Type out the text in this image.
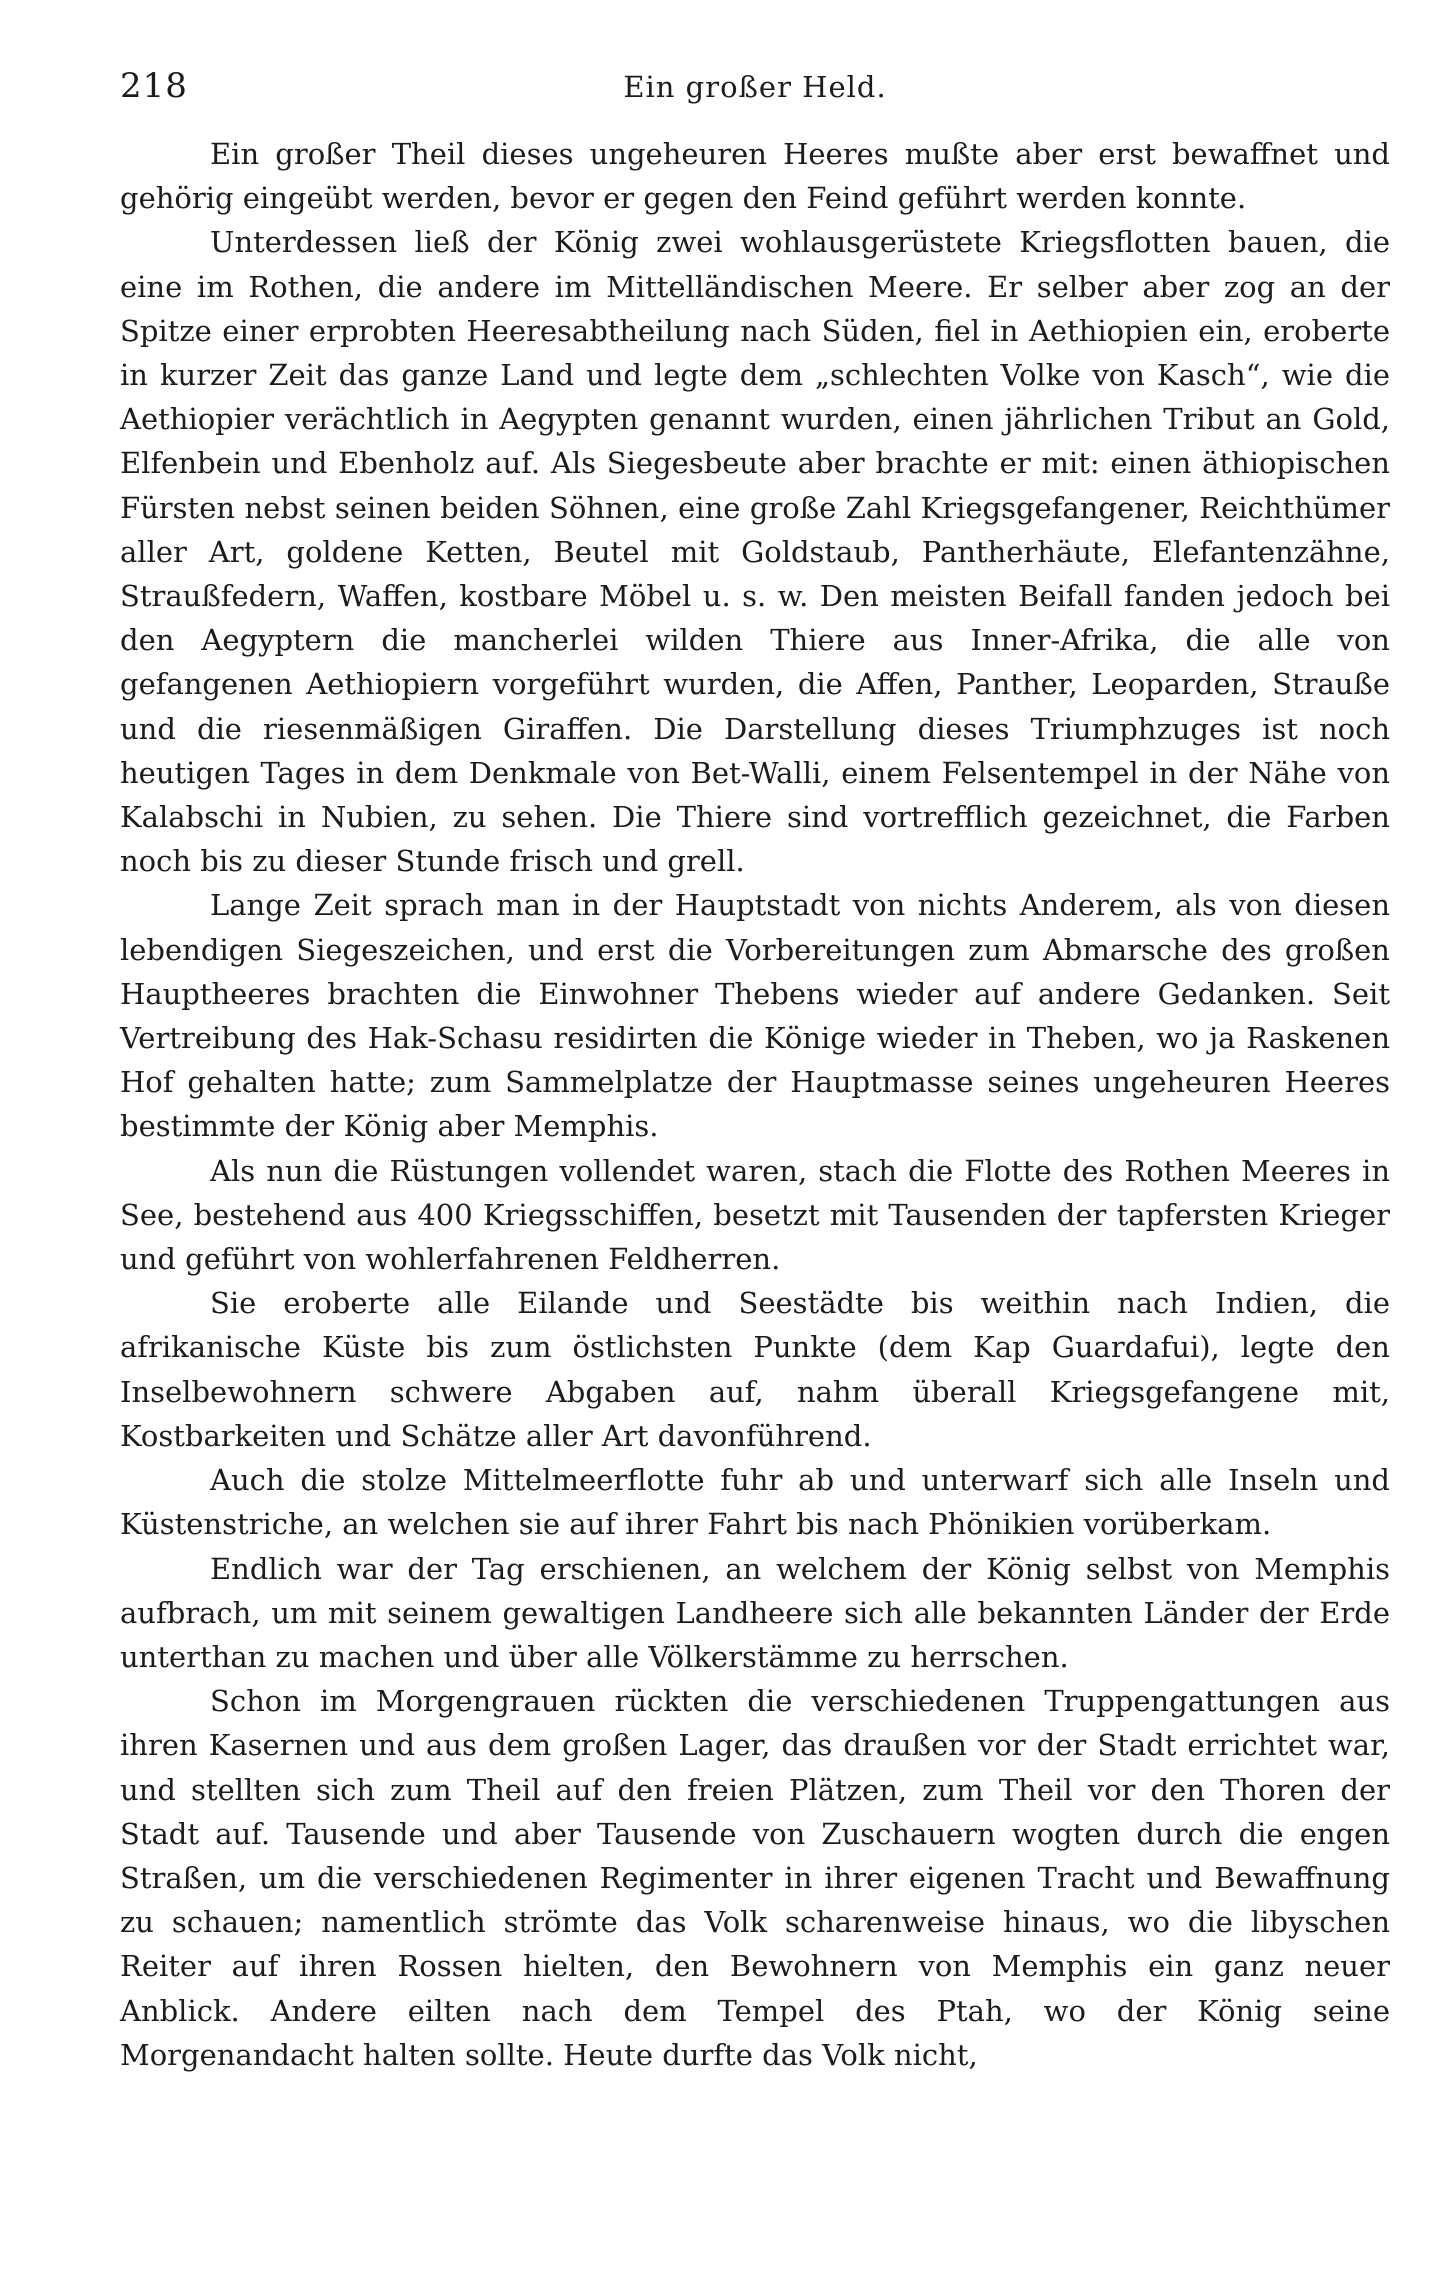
218	Ein großer Held.

Ein großer Theil dieses ungeheuren Heeres mußte aber erst bewaffnet und gehörig eingeübt werden, bevor er gegen den Feind geführt werden konnte.

Unterdessen ließ der König zwei wohlausgerüstete Kriegsflotten bauen, die eine im Rothen, die andere im Mittelländischen Meere. Er selber aber zog an der Spitze einer erprobten Heeresabtheilung nach Süden, fiel in Aethiopien ein, eroberte in kurzer Zeit das ganze Land und legte dem „schlechten Volke von Kasch“, wie die Aethiopier verächtlich in Aegypten genannt wurden, einen jährlichen Tribut an Gold, Elfenbein und Ebenholz auf. Als Siegesbeute aber brachte er mit: einen äthiopischen Fürsten nebst seinen beiden Söhnen, eine große Zahl Kriegsgefangener, Reichthümer aller Art, goldene Ketten, Beutel mit Goldstaub, Pantherhäute, Elefantenzähne, Straußfedern, Waffen, kostbare Möbel u. s. w. Den meisten Beifall fanden jedoch bei den Aegyptern die mancherlei wilden Thiere aus Inner-Afrika, die alle von gefangenen Aethiopiern vorgeführt wurden, die Affen, Panther, Leoparden, Strauße und die riesenmäßigen Giraffen. Die Darstellung dieses Triumphzuges ist noch heutigen Tages in dem Denkmale von Bet-Walli, einem Felsentempel in der Nähe von Kalabschi in Nubien, zu sehen. Die Thiere sind vortrefflich gezeichnet, die Farben noch bis zu dieser Stunde frisch und grell.

Lange Zeit sprach man in der Hauptstadt von nichts Anderem, als von diesen lebendigen Siegeszeichen, und erst die Vorbereitungen zum Abmarsche des großen Hauptheeres brachten die Einwohner Thebens wieder auf andere Gedanken. Seit Vertreibung des Hak-Schasu residirten die Könige wieder in Theben, wo ja Raskenen Hof gehalten hatte; zum Sammelplatze der Hauptmasse seines ungeheuren Heeres bestimmte der König aber Memphis.

Als nun die Rüstungen vollendet waren, stach die Flotte des Rothen Meeres in See, bestehend aus 400 Kriegsschiffen, besetzt mit Tausenden der tapfersten Krieger und geführt von wohlerfahrenen Feldherren.

Sie eroberte alle Eilande und Seestädte bis weithin nach Indien, die afrikanische Küste bis zum östlichsten Punkte (dem Kap Guardafui), legte den Inselbewohnern schwere Abgaben auf, nahm überall Kriegsgefangene mit, Kostbarkeiten und Schätze aller Art davonführend.

Auch die stolze Mittelmeerflotte fuhr ab und unterwarf sich alle Inseln und Küstenstriche, an welchen sie auf ihrer Fahrt bis nach Phönikien vorüberkam.

Endlich war der Tag erschienen, an welchem der König selbst von Memphis aufbrach, um mit seinem gewaltigen Landheere sich alle bekannten Länder der Erde unterthan zu machen und über alle Völkerstämme zu herrschen.

Schon im Morgengrauen rückten die verschiedenen Truppengattungen aus ihren Kasernen und aus dem großen Lager, das draußen vor der Stadt errichtet war, und stellten sich zum Theil auf den freien Plätzen, zum Theil vor den Thoren der Stadt auf. Tausende und aber Tausende von Zuschauern wogten durch die engen Straßen, um die verschiedenen Regimenter in ihrer eigenen Tracht und Bewaffnung zu schauen; namentlich strömte das Volk scharenweise hinaus, wo die libyschen Reiter auf ihren Rossen hielten, den Bewohnern von Memphis ein ganz neuer Anblick. Andere eilten nach dem Tempel des Ptah, wo der König seine Morgenandacht halten sollte. Heute durfte das Volk nicht,
